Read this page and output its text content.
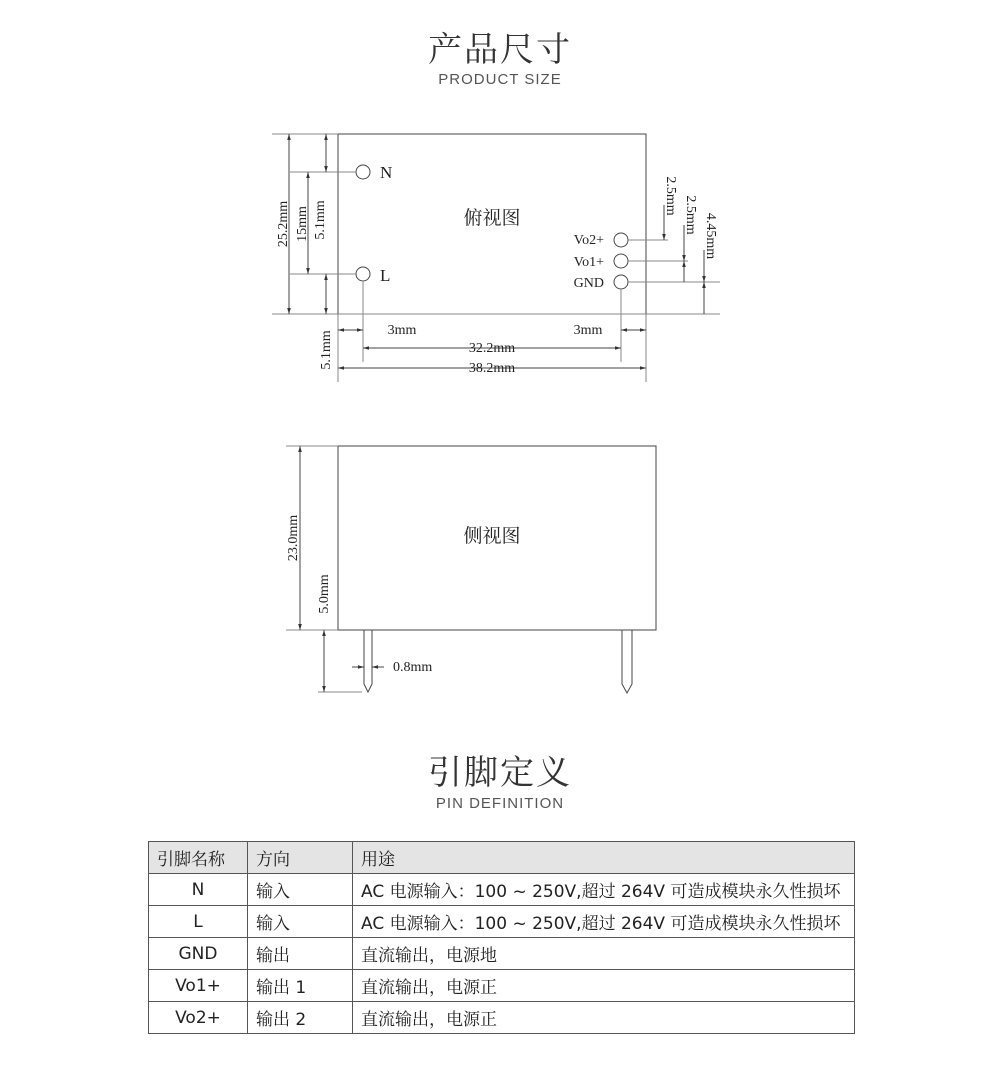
产品尺寸
PRODUCT SIZE
N
L
俯视图
Vo2+
Vo1+
GND
25.2mm 15mm 5.1mm
5.1mm
2.5mm 2.5mm 4.45mm
3mm	3mm
32.2mm
38.2mm
侧视图
23.0mm
5.0mm
0.8mm
引脚定义
PIN DEFINITION
引脚名称	方向	用途
N	输入	AC 电源输入：100 ~ 250V,超过 264V 可造成模块永久性损坏
L	输入	AC 电源输入：100 ~ 250V,超过 264V 可造成模块永久性损坏
GND	输出	直流输出，电源地
Vo1+	输出 1	直流输出，电源正
Vo2+	输出 2	直流输出，电源正
